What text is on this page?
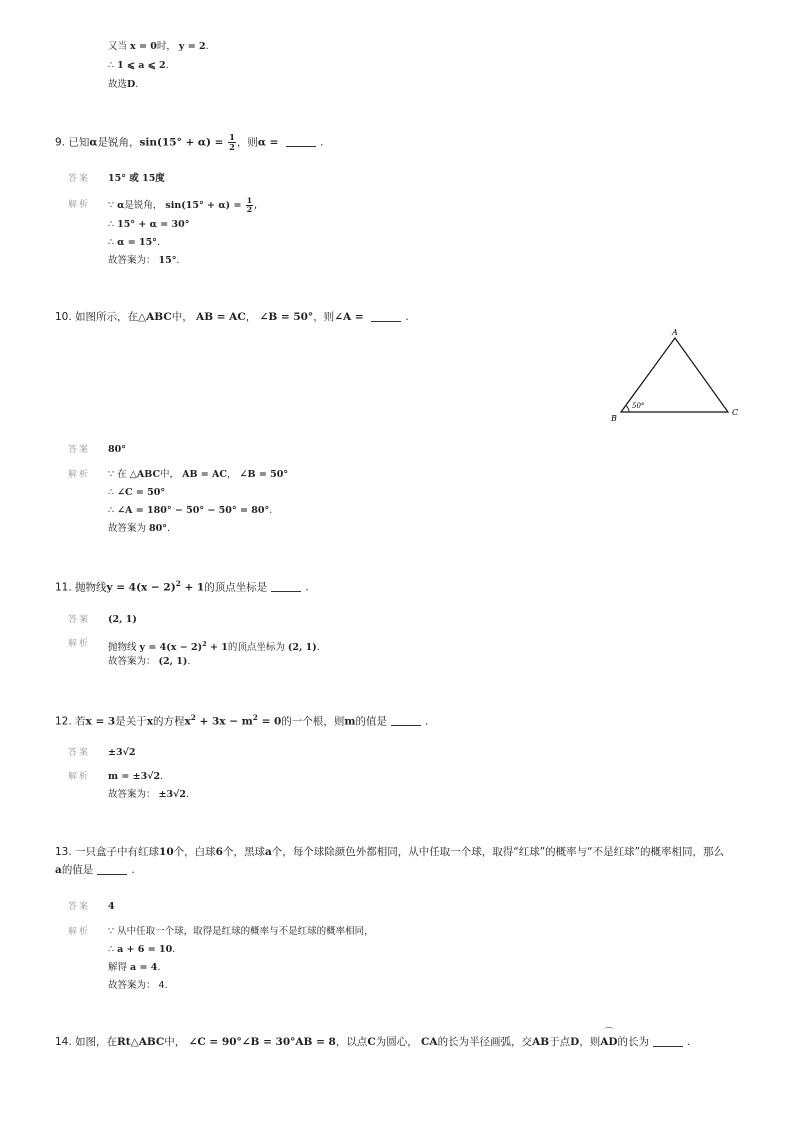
又当 x = 0时， y = 2.
∴ 1 ⩽ a ⩽ 2.
故选D.
9. 已知α是锐角，$\sin(15^\circ + \alpha) = \frac{1}{2}$ ，则α =	.
答案 15° 或 15度
解析 ∵ α是锐角， $\sin(15^\circ + \alpha) = \frac{1}{2}$ ,
∴ 15° + α = 30°
∴ α = 15°.
故答案为： 15°.
10. 如图所示，在△ABC中， AB = AC， ∠B = 50°，则∠A =	.
A
B
C
50°
答案 80°
解析 ∵ 在 △ABC中， AB = AC， ∠B = 50°
∴ ∠C = 50°
∴ ∠A = 180° − 50° − 50° = 80°.
故答案为 80°.
11. 抛物线$y = 4(x - 2)^2 + 1$的顶点坐标是	.
答案 (2, 1)
解析 抛物线 $y = 4(x - 2)^2 + 1$的顶点坐标为 (2, 1).
故答案为： (2, 1).
12. 若x = 3是关于x的方程$x^2 + 3x - m^2 = 0$的一个根，则m的值是	.
答案 ±3√2
解析 m = ±3√2.
故答案为： ±3√2.
13. 一只盒子中有红球10个，白球6个，黑球a个，每个球除颜色外都相同，从中任取一个球，取得“红球”的概率与“不是红球”的概率相同，那么
a的值是	.
答案 4
解析 ∵ 从中任取一个球，取得是红球的概率与不是红球的概率相同，
∴ a + 6 = 10.
解得 a = 4.
故答案为： 4.
14. 如图，在Rt△ABC中， ∠C = 90°∠B = 30°AB = 8，以点C为圆心， CA的长为半径画弧，交AB于点D，则⌒ AD的长为	.
